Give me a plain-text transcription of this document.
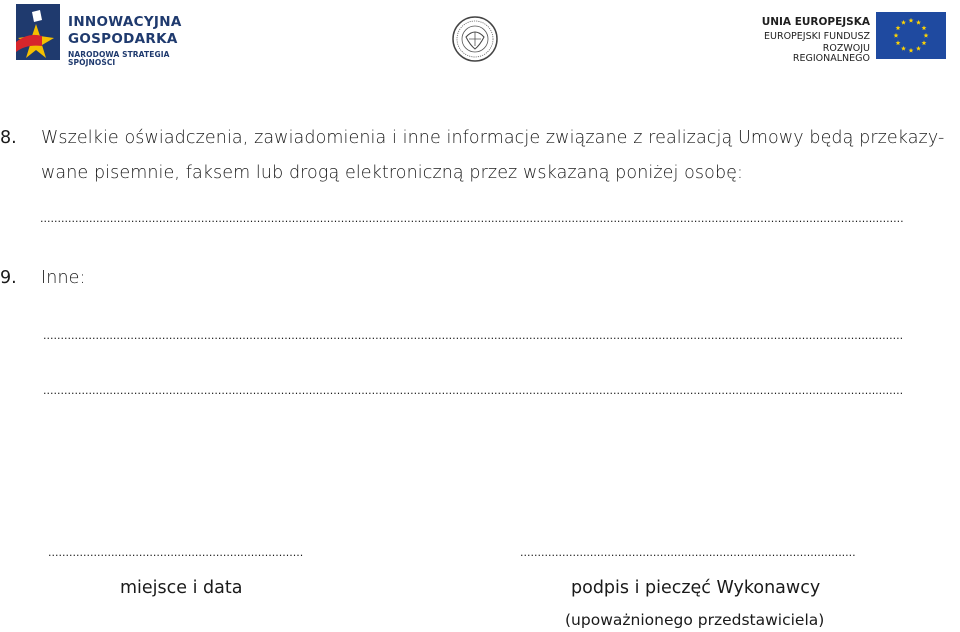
INNOWACYJNA
GOSPODARKA
NARODOWA STRATEGIA SPÓJNOŚCI
UNIA EUROPEJSKA
EUROPEJSKI FUNDUSZ
ROZWOJU REGIONALNEGO
8. Wszelkie oświadczenia, zawiadomienia i inne informacje związane z realizacją Umowy będą przekazy-
wane pisemnie, faksem lub drogą elektroniczną przez wskazaną poniżej osobę:
.......................................................................................................................................................................................................................................................
9. Inne:
......................................................................................................................................................................................................................................................
......................................................................................................................................................................................................................................................
.........................................................................
miejsce i data
................................................................................................
podpis i pieczęć Wykonawcy
(upoważnionego przedstawiciela)
